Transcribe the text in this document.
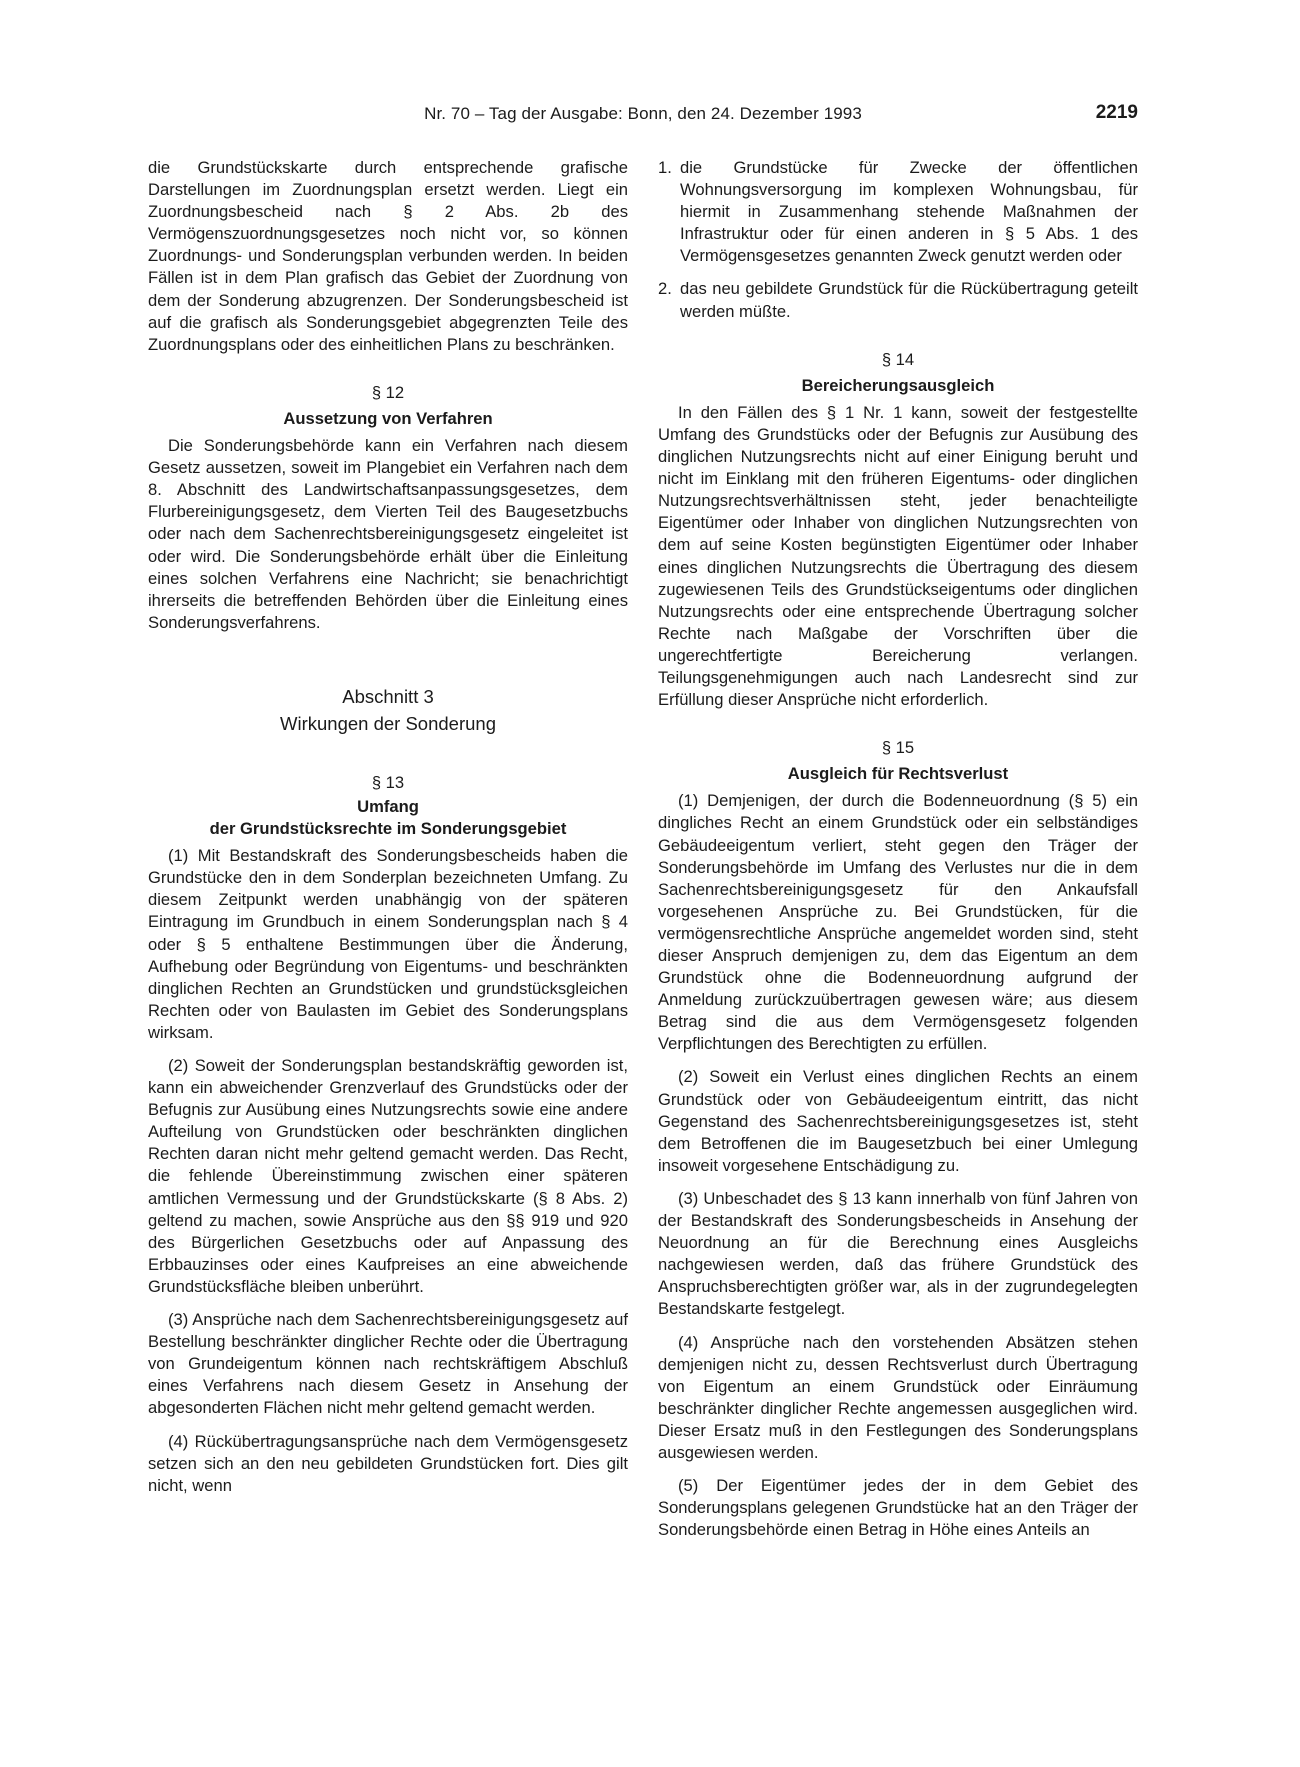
Nr. 70 – Tag der Ausgabe: Bonn, den 24. Dezember 1993	2219

die Grundstückskarte durch entsprechende grafische Darstellungen im Zuordnungsplan ersetzt werden. Liegt ein Zuordnungsbescheid nach § 2 Abs. 2b des Vermögenszuordnungsgesetzes noch nicht vor, so können Zuordnungs- und Sonderungsplan verbunden werden. In beiden Fällen ist in dem Plan grafisch das Gebiet der Zuordnung von dem der Sonderung abzugrenzen. Der Sonderungsbescheid ist auf die grafisch als Sonderungsgebiet abgegrenzten Teile des Zuordnungsplans oder des einheitlichen Plans zu beschränken.

§ 12

Aussetzung von Verfahren

Die Sonderungsbehörde kann ein Verfahren nach diesem Gesetz aussetzen, soweit im Plangebiet ein Verfahren nach dem 8. Abschnitt des Landwirtschaftsanpassungsgesetzes, dem Flurbereinigungsgesetz, dem Vierten Teil des Baugesetzbuchs oder nach dem Sachenrechtsbereinigungsgesetz eingeleitet ist oder wird. Die Sonderungsbehörde erhält über die Einleitung eines solchen Verfahrens eine Nachricht; sie benachrichtigt ihrerseits die betreffenden Behörden über die Einleitung eines Sonderungsverfahrens.

Abschnitt 3

Wirkungen der Sonderung

§ 13

Umfang

der Grundstücksrechte im Sonderungsgebiet

(1) Mit Bestandskraft des Sonderungsbescheids haben die Grundstücke den in dem Sonderplan bezeichneten Umfang. Zu diesem Zeitpunkt werden unabhängig von der späteren Eintragung im Grundbuch in einem Sonderungsplan nach § 4 oder § 5 enthaltene Bestimmungen über die Änderung, Aufhebung oder Begründung von Eigentums- und beschränkten dinglichen Rechten an Grundstücken und grundstücksgleichen Rechten oder von Baulasten im Gebiet des Sonderungsplans wirksam.

(2) Soweit der Sonderungsplan bestandskräftig geworden ist, kann ein abweichender Grenzverlauf des Grundstücks oder der Befugnis zur Ausübung eines Nutzungsrechts sowie eine andere Aufteilung von Grundstücken oder beschränkten dinglichen Rechten daran nicht mehr geltend gemacht werden. Das Recht, die fehlende Übereinstimmung zwischen einer späteren amtlichen Vermessung und der Grundstückskarte (§ 8 Abs. 2) geltend zu machen, sowie Ansprüche aus den §§ 919 und 920 des Bürgerlichen Gesetzbuchs oder auf Anpassung des Erbbauzinses oder eines Kaufpreises an eine abweichende Grundstücksfläche bleiben unberührt.

(3) Ansprüche nach dem Sachenrechtsbereinigungsgesetz auf Bestellung beschränkter dinglicher Rechte oder die Übertragung von Grundeigentum können nach rechtskräftigem Abschluß eines Verfahrens nach diesem Gesetz in Ansehung der abgesonderten Flächen nicht mehr geltend gemacht werden.

(4) Rückübertragungsansprüche nach dem Vermögensgesetz setzen sich an den neu gebildeten Grundstücken fort. Dies gilt nicht, wenn

1. die Grundstücke für Zwecke der öffentlichen Wohnungsversorgung im komplexen Wohnungsbau, für hiermit in Zusammenhang stehende Maßnahmen der Infrastruktur oder für einen anderen in § 5 Abs. 1 des Vermögensgesetzes genannten Zweck genutzt werden oder
2. das neu gebildete Grundstück für die Rückübertragung geteilt werden müßte.

§ 14

Bereicherungsausgleich

In den Fällen des § 1 Nr. 1 kann, soweit der festgestellte Umfang des Grundstücks oder der Befugnis zur Ausübung des dinglichen Nutzungsrechts nicht auf einer Einigung beruht und nicht im Einklang mit den früheren Eigentums- oder dinglichen Nutzungsrechtsverhältnissen steht, jeder benachteiligte Eigentümer oder Inhaber von dinglichen Nutzungsrechten von dem auf seine Kosten begünstigten Eigentümer oder Inhaber eines dinglichen Nutzungsrechts die Übertragung des diesem zugewiesenen Teils des Grundstückseigentums oder dinglichen Nutzungsrechts oder eine entsprechende Übertragung solcher Rechte nach Maßgabe der Vorschriften über die ungerechtfertigte Bereicherung verlangen. Teilungsgenehmigungen auch nach Landesrecht sind zur Erfüllung dieser Ansprüche nicht erforderlich.

§ 15

Ausgleich für Rechtsverlust

(1) Demjenigen, der durch die Bodenneuordnung (§ 5) ein dingliches Recht an einem Grundstück oder ein selbständiges Gebäudeeigentum verliert, steht gegen den Träger der Sonderungsbehörde im Umfang des Verlustes nur die in dem Sachenrechtsbereinigungsgesetz für den Ankaufsfall vorgesehenen Ansprüche zu. Bei Grundstücken, für die vermögensrechtliche Ansprüche angemeldet worden sind, steht dieser Anspruch demjenigen zu, dem das Eigentum an dem Grundstück ohne die Bodenneuordnung aufgrund der Anmeldung zurückzuübertragen gewesen wäre; aus diesem Betrag sind die aus dem Vermögensgesetz folgenden Verpflichtungen des Berechtigten zu erfüllen.

(2) Soweit ein Verlust eines dinglichen Rechts an einem Grundstück oder von Gebäudeeigentum eintritt, das nicht Gegenstand des Sachenrechtsbereinigungsgesetzes ist, steht dem Betroffenen die im Baugesetzbuch bei einer Umlegung insoweit vorgesehene Entschädigung zu.

(3) Unbeschadet des § 13 kann innerhalb von fünf Jahren von der Bestandskraft des Sonderungsbescheids in Ansehung der Neuordnung an für die Berechnung eines Ausgleichs nachgewiesen werden, daß das frühere Grundstück des Anspruchsberechtigten größer war, als in der zugrundegelegten Bestandskarte festgelegt.

(4) Ansprüche nach den vorstehenden Absätzen stehen demjenigen nicht zu, dessen Rechtsverlust durch Übertragung von Eigentum an einem Grundstück oder Einräumung beschränkter dinglicher Rechte angemessen ausgeglichen wird. Dieser Ersatz muß in den Festlegungen des Sonderungsplans ausgewiesen werden.

(5) Der Eigentümer jedes der in dem Gebiet des Sonderungsplans gelegenen Grundstücke hat an den Träger der Sonderungsbehörde einen Betrag in Höhe eines Anteils an
